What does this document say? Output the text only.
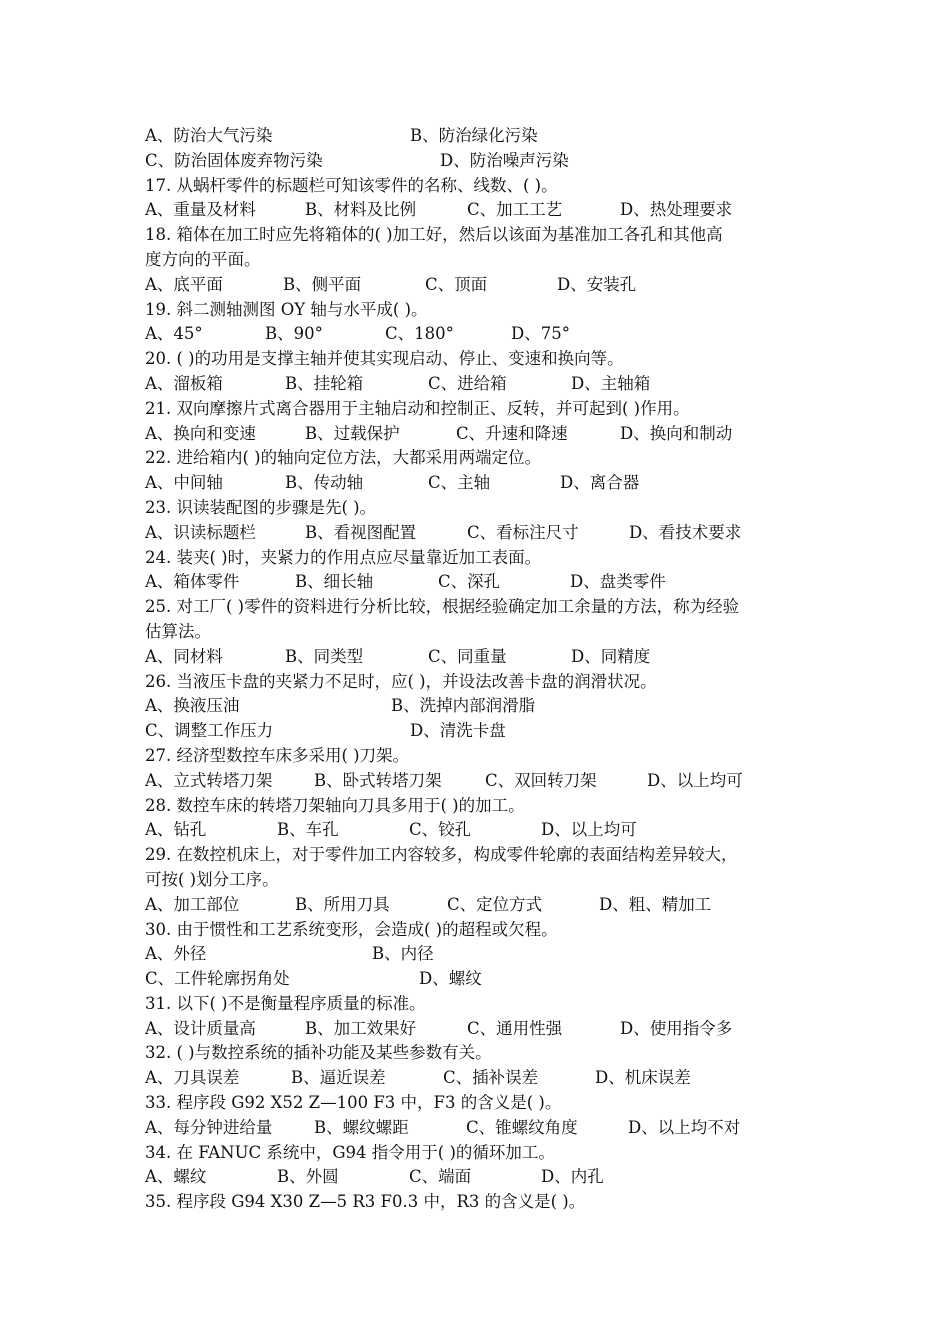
A、防治大气污染	B、防治绿化污染
C、防治固体废弃物污染	D、防治噪声污染
17. 从蜗杆零件的标题栏可知该零件的名称、线数、( )。
A、重量及材料	B、材料及比例	C、加工工艺	D、热处理要求
18. 箱体在加工时应先将箱体的( )加工好，然后以该面为基准加工各孔和其他高
度方向的平面。
A、底平面	B、侧平面	C、顶面	D、安装孔
19. 斜二测轴测图 OY 轴与水平成( )。
A、45°	B、90°	C、180°	D、75°
20. ( )的功用是支撑主轴并使其实现启动、停止、变速和换向等。
A、溜板箱	B、挂轮箱	C、进给箱	D、主轴箱
21. 双向摩擦片式离合器用于主轴启动和控制正、反转，并可起到( )作用。
A、换向和变速	B、过载保护	C、升速和降速	D、换向和制动
22. 进给箱内( )的轴向定位方法，大都采用两端定位。
A、中间轴	B、传动轴	C、主轴	D、离合器
23. 识读装配图的步骤是先( )。
A、识读标题栏	B、看视图配置	C、看标注尺寸	D、看技术要求
24. 装夹( )时，夹紧力的作用点应尽量靠近加工表面。
A、箱体零件	B、细长轴	C、深孔	D、盘类零件
25. 对工厂( )零件的资料进行分析比较，根据经验确定加工余量的方法，称为经验
估算法。
A、同材料	B、同类型	C、同重量	D、同精度
26. 当液压卡盘的夹紧力不足时，应( )，并设法改善卡盘的润滑状况。
A、换液压油	B、洗掉内部润滑脂
C、调整工作压力	D、清洗卡盘
27. 经济型数控车床多采用( )刀架。
A、立式转塔刀架	B、卧式转塔刀架	C、双回转刀架	D、以上均可
28. 数控车床的转塔刀架轴向刀具多用于( )的加工。
A、钻孔	B、车孔	C、铰孔	D、以上均可
29. 在数控机床上，对于零件加工内容较多，构成零件轮廓的表面结构差异较大，
可按( )划分工序。
A、加工部位	B、所用刀具	C、定位方式	D、粗、精加工
30. 由于惯性和工艺系统变形，会造成( )的超程或欠程。
A、外径	B、内径
C、工件轮廓拐角处	D、螺纹
31. 以下( )不是衡量程序质量的标准。
A、设计质量高	B、加工效果好	C、通用性强	D、使用指令多
32. ( )与数控系统的插补功能及某些参数有关。
A、刀具误差	B、逼近误差	C、插补误差	D、机床误差
33. 程序段 G92 X52 Z—100 F3 中，F3 的含义是( )。
A、每分钟进给量	B、螺纹螺距	C、锥螺纹角度	D、以上均不对
34. 在 FANUC 系统中，G94 指令用于( )的循环加工。
A、螺纹	B、外圆	C、端面	D、内孔
35. 程序段 G94 X30 Z—5 R3 F0.3 中，R3 的含义是( )。
